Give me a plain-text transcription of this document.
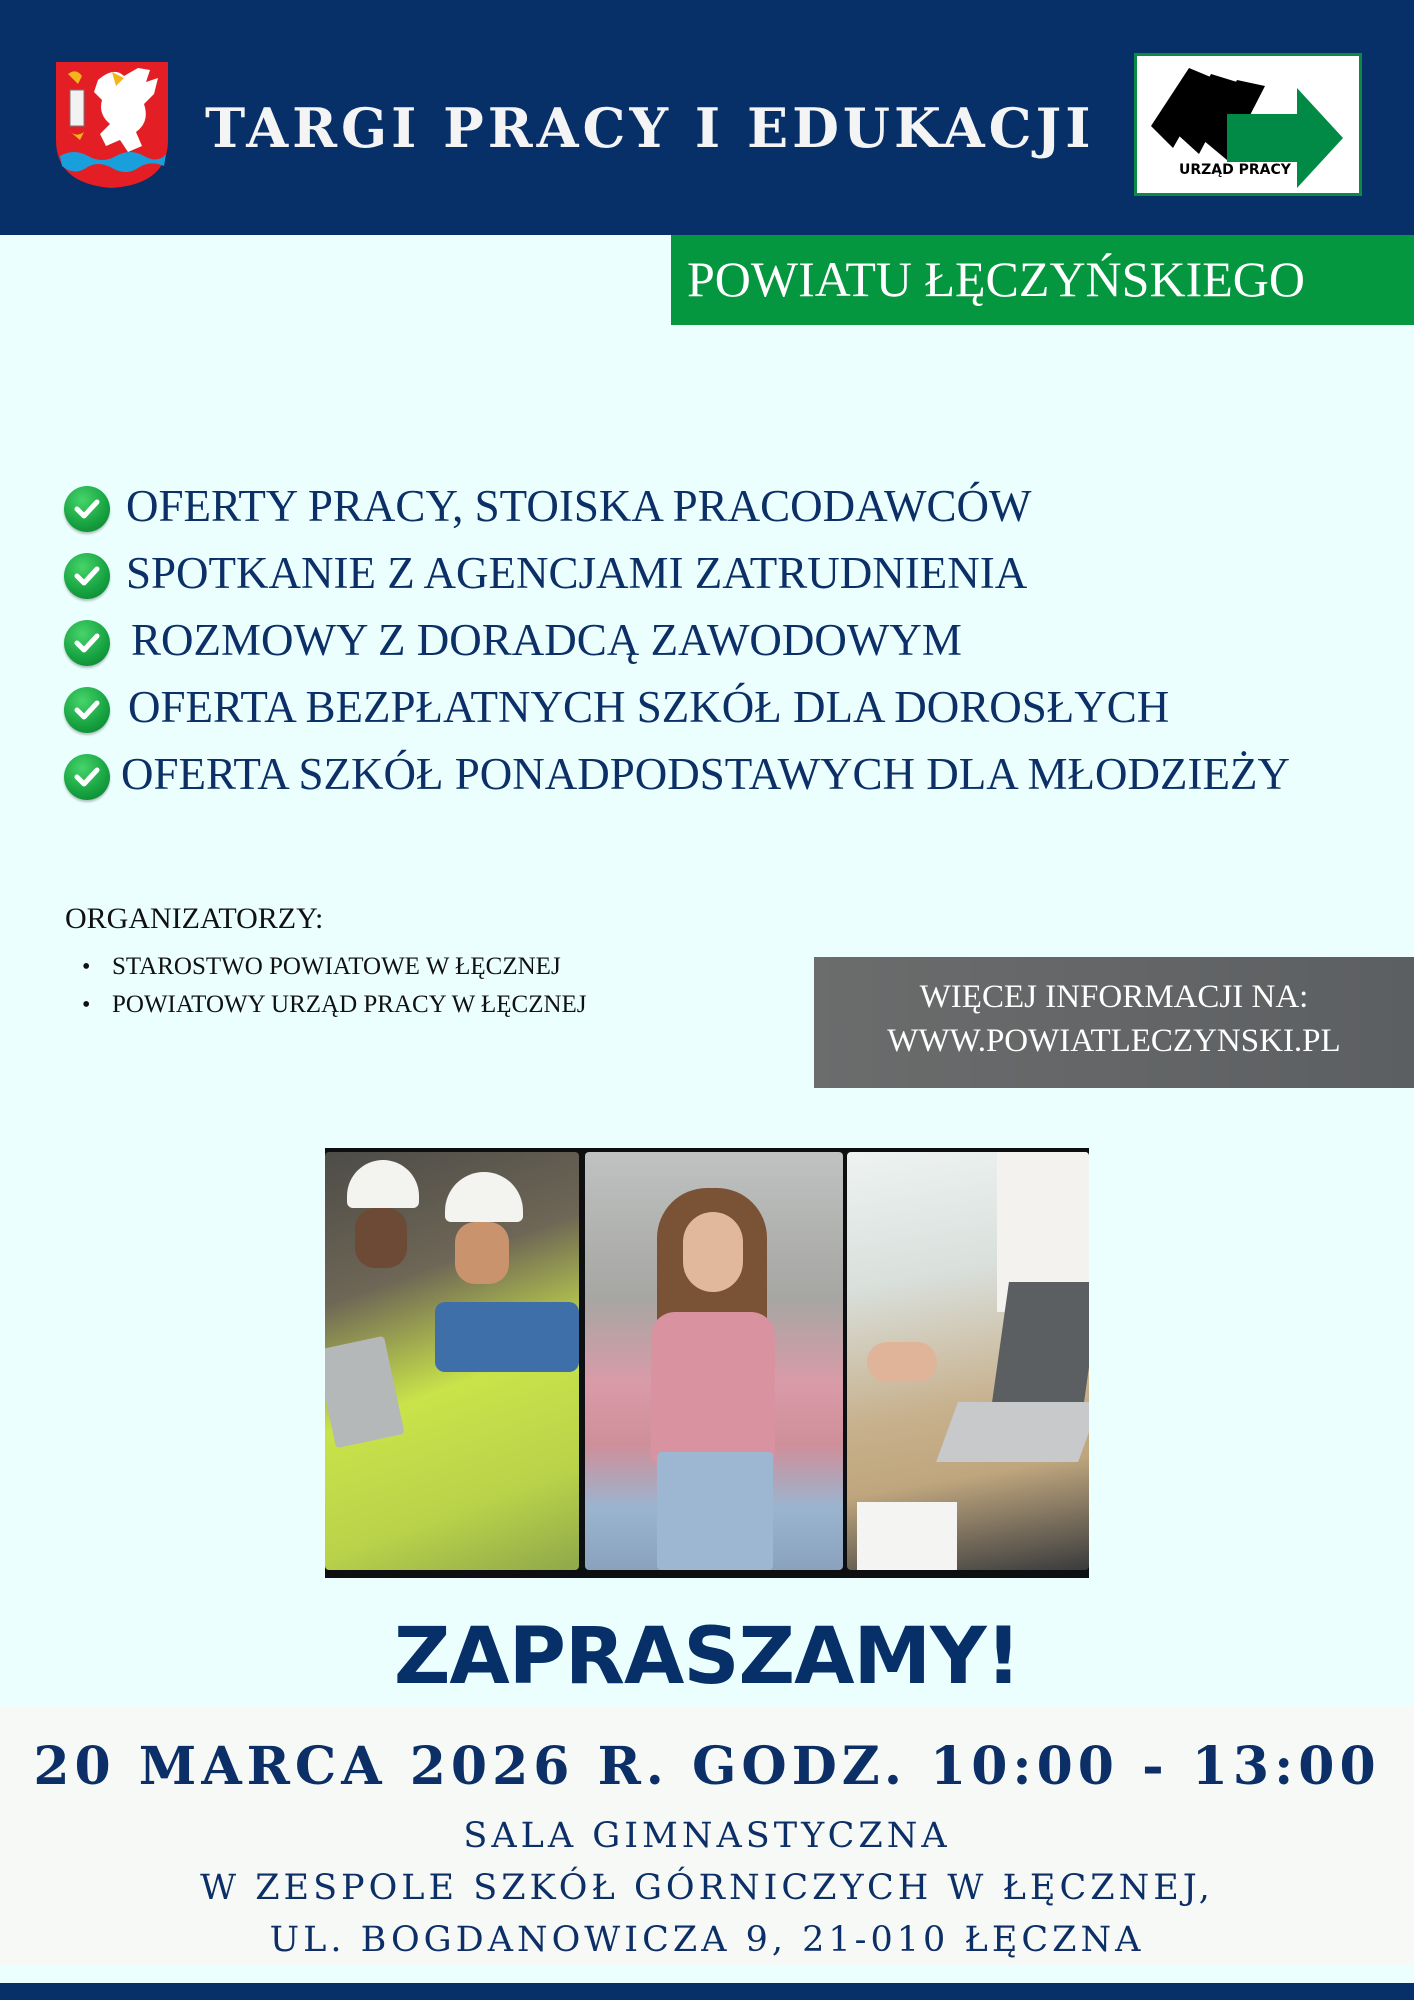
TARGI PRACY I EDUKACJI
URZĄD PRACY
POWIATU ŁĘCZYŃSKIEGO
OFERTY PRACY, STOISKA PRACODAWCÓW
SPOTKANIE Z AGENCJAMI ZATRUDNIENIA
ROZMOWY Z DORADCĄ ZAWODOWYM
OFERTA BEZPŁATNYCH SZKÓŁ DLA DOROSŁYCH
OFERTA SZKÓŁ PONADPODSTAWYCH DLA MŁODZIEŻY
ORGANIZATORZY:
• STAROSTWO POWIATOWE W ŁĘCZNEJ
• POWIATOWY URZĄD PRACY W ŁĘCZNEJ	WIĘCEJ INFORMACJI NA:
WWW.POWIATLECZYNSKI.PL
ZAPRASZAMY!
20 MARCA 2026 R. GODZ. 10:00 - 13:00
SALA GIMNASTYCZNA
W ZESPOLE SZKÓŁ GÓRNICZYCH W ŁĘCZNEJ,
UL. BOGDANOWICZA 9, 21-010 ŁĘCZNA
